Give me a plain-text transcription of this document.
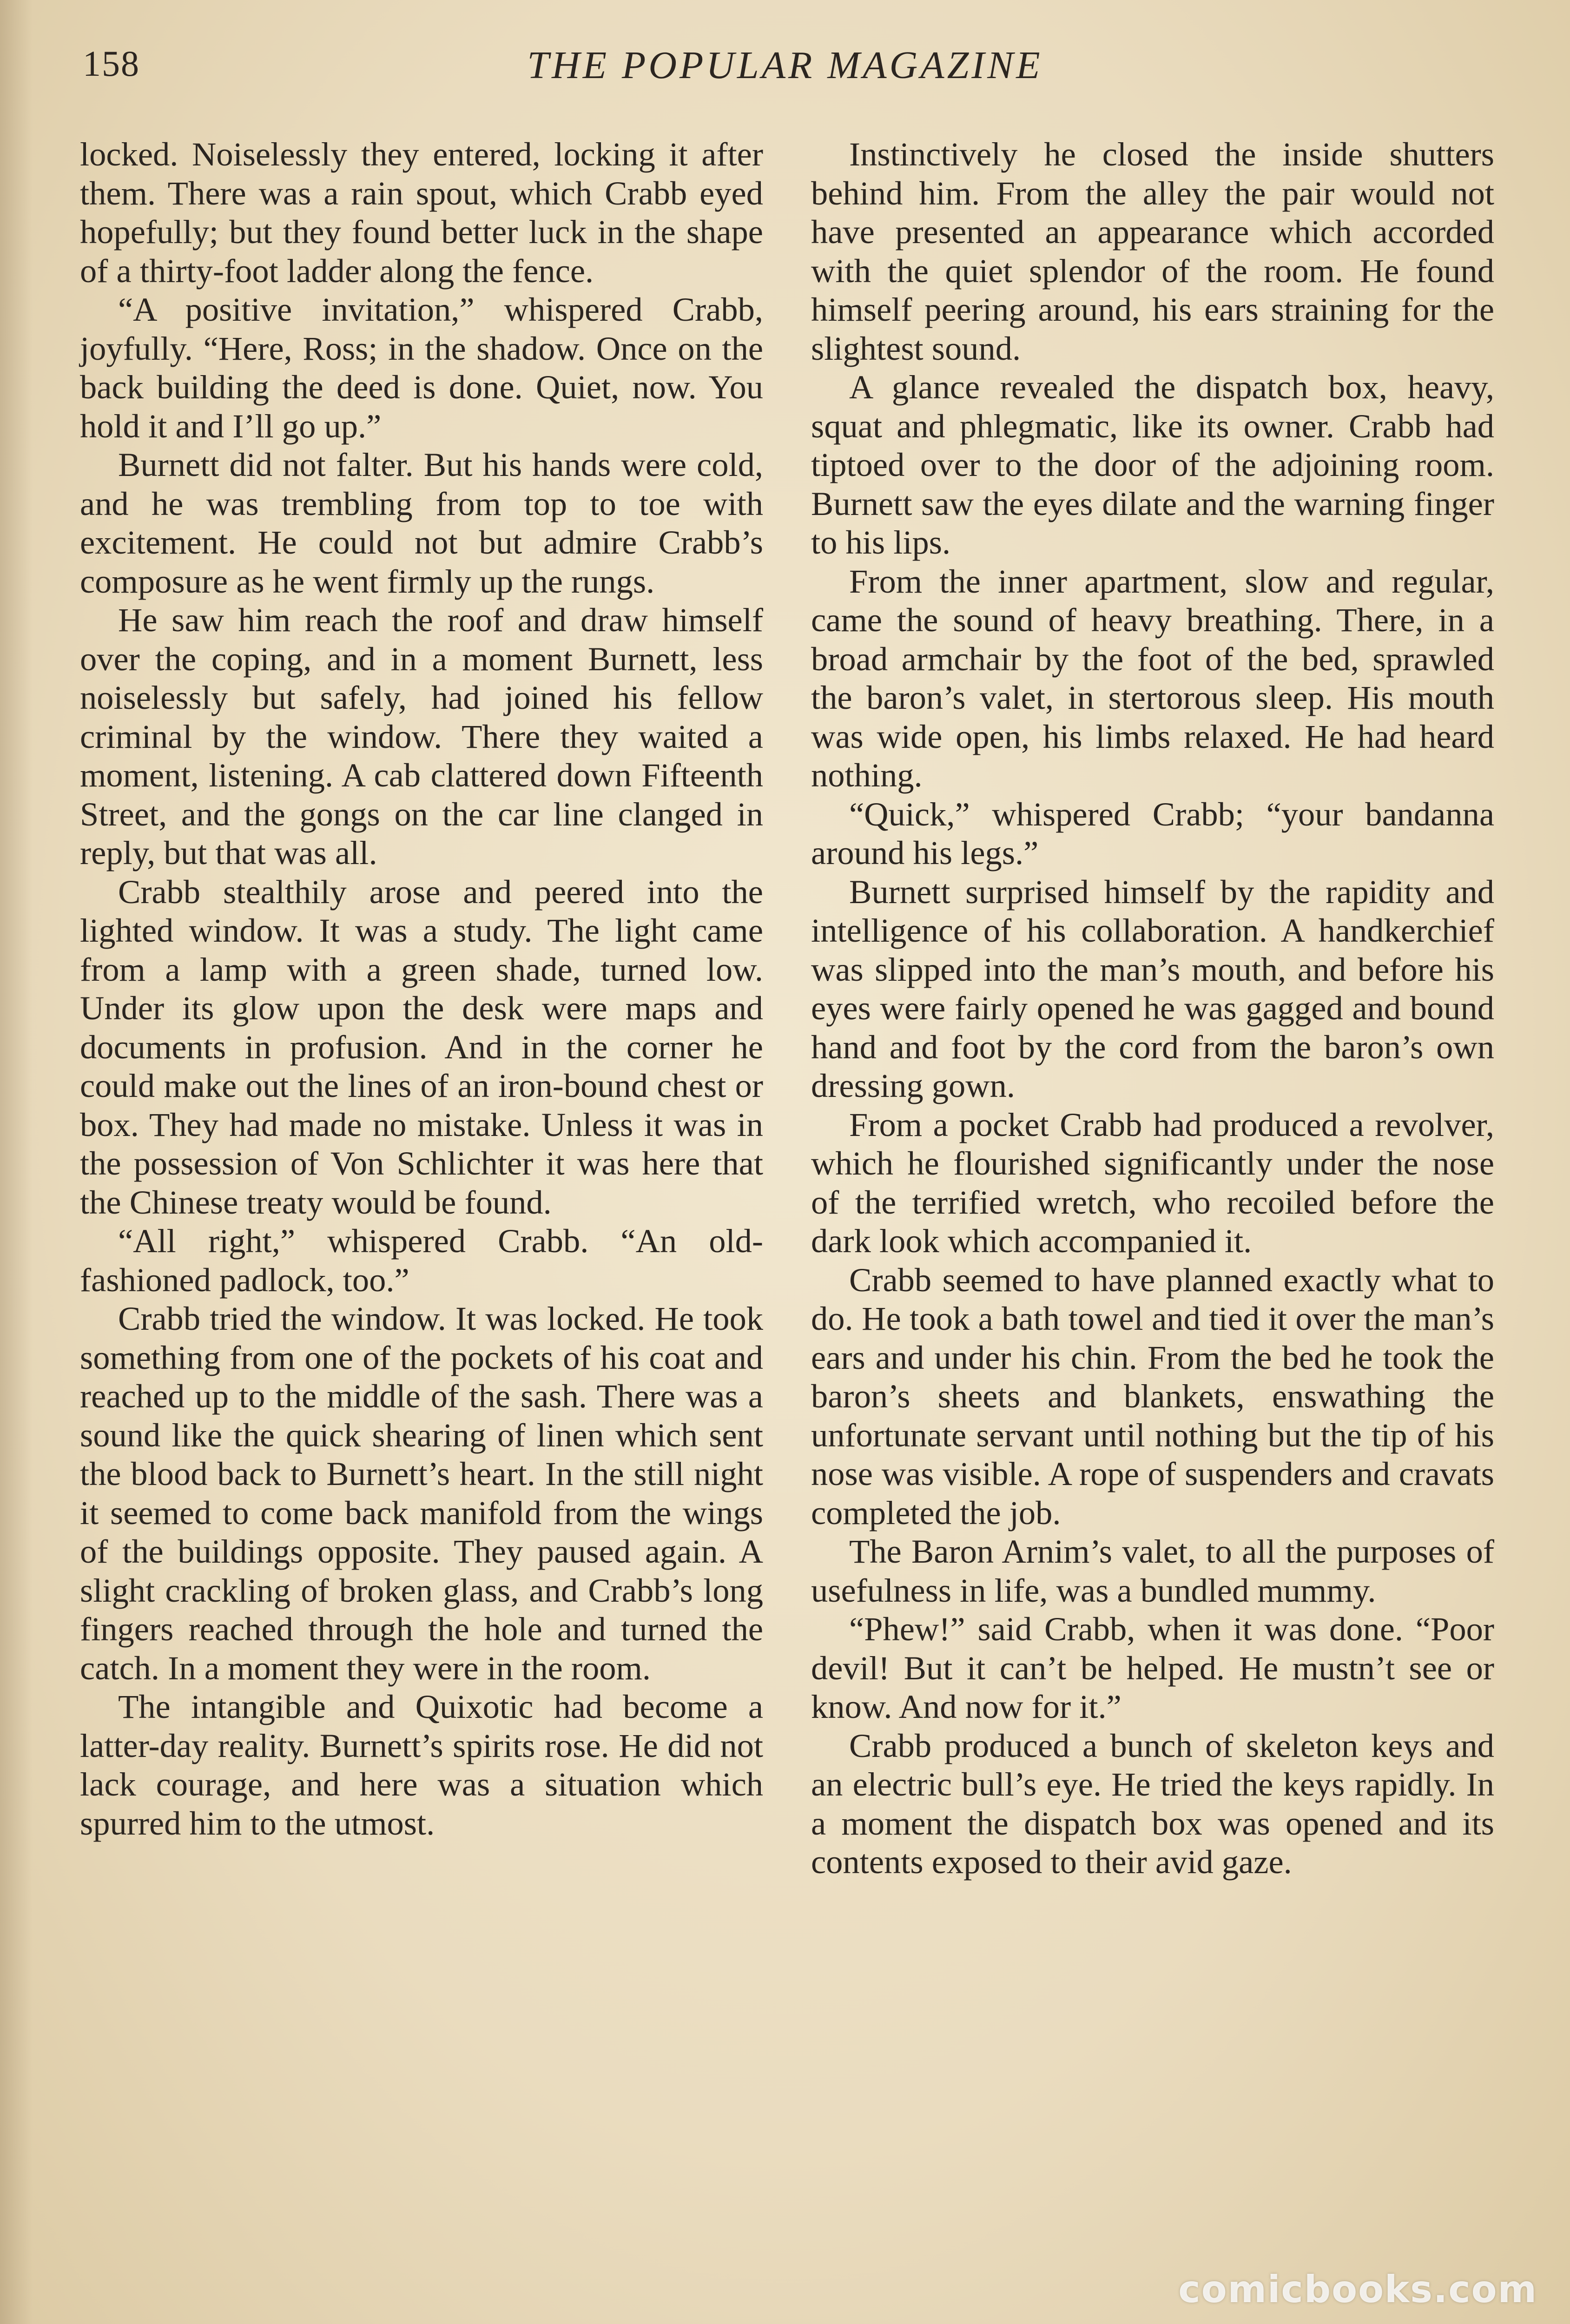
158	THE POPULAR MAGAZINE

locked. Noiselessly they entered, locking it after them. There was a rain spout, which Crabb eyed hopefully; but they found better luck in the shape of a thirty-foot ladder along the fence.

“A positive invitation,” whispered Crabb, joyfully. “Here, Ross; in the shadow. Once on the back building the deed is done. Quiet, now. You hold it and I’ll go up.”

Burnett did not falter. But his hands were cold, and he was trembling from top to toe with excitement. He could not but admire Crabb’s composure as he went firmly up the rungs.

He saw him reach the roof and draw himself over the coping, and in a moment Burnett, less noiselessly but safely, had joined his fellow criminal by the window. There they waited a moment, listening. A cab clattered down Fifteenth Street, and the gongs on the car line clanged in reply, but that was all.

Crabb stealthily arose and peered into the lighted window. It was a study. The light came from a lamp with a green shade, turned low. Under its glow upon the desk were maps and documents in profusion. And in the corner he could make out the lines of an iron-bound chest or box. They had made no mistake. Unless it was in the possession of Von Schlichter it was here that the Chinese treaty would be found.

“All right,” whispered Crabb. “An old-fashioned padlock, too.”

Crabb tried the window. It was locked. He took something from one of the pockets of his coat and reached up to the middle of the sash. There was a sound like the quick shearing of linen which sent the blood back to Burnett’s heart. In the still night it seemed to come back manifold from the wings of the buildings opposite. They paused again. A slight crackling of broken glass, and Crabb’s long fingers reached through the hole and turned the catch. In a moment they were in the room.

The intangible and Quixotic had become a latter-day reality. Burnett’s spirits rose. He did not lack courage, and here was a situation which spurred him to the utmost.

Instinctively he closed the inside shutters behind him. From the alley the pair would not have presented an appearance which accorded with the quiet splendor of the room. He found himself peering around, his ears straining for the slightest sound.

A glance revealed the dispatch box, heavy, squat and phlegmatic, like its owner. Crabb had tiptoed over to the door of the adjoining room. Burnett saw the eyes dilate and the warning finger to his lips.

From the inner apartment, slow and regular, came the sound of heavy breathing. There, in a broad armchair by the foot of the bed, sprawled the baron’s valet, in stertorous sleep. His mouth was wide open, his limbs relaxed. He had heard nothing.

“Quick,” whispered Crabb; “your bandanna around his legs.”

Burnett surprised himself by the rapidity and intelligence of his collaboration. A handkerchief was slipped into the man’s mouth, and before his eyes were fairly opened he was gagged and bound hand and foot by the cord from the baron’s own dressing gown.

From a pocket Crabb had produced a revolver, which he flourished significantly under the nose of the terrified wretch, who recoiled before the dark look which accompanied it.

Crabb seemed to have planned exactly what to do. He took a bath towel and tied it over the man’s ears and under his chin. From the bed he took the baron’s sheets and blankets, enswathing the unfortunate servant until nothing but the tip of his nose was visible. A rope of suspenders and cravats completed the job.

The Baron Arnim’s valet, to all the purposes of usefulness in life, was a bundled mummy.

“Phew!” said Crabb, when it was done. “Poor devil! But it can’t be helped. He mustn’t see or know. And now for it.”

Crabb produced a bunch of skeleton keys and an electric bull’s eye. He tried the keys rapidly. In a moment the dispatch box was opened and its contents exposed to their avid gaze.

comicbooks.com
